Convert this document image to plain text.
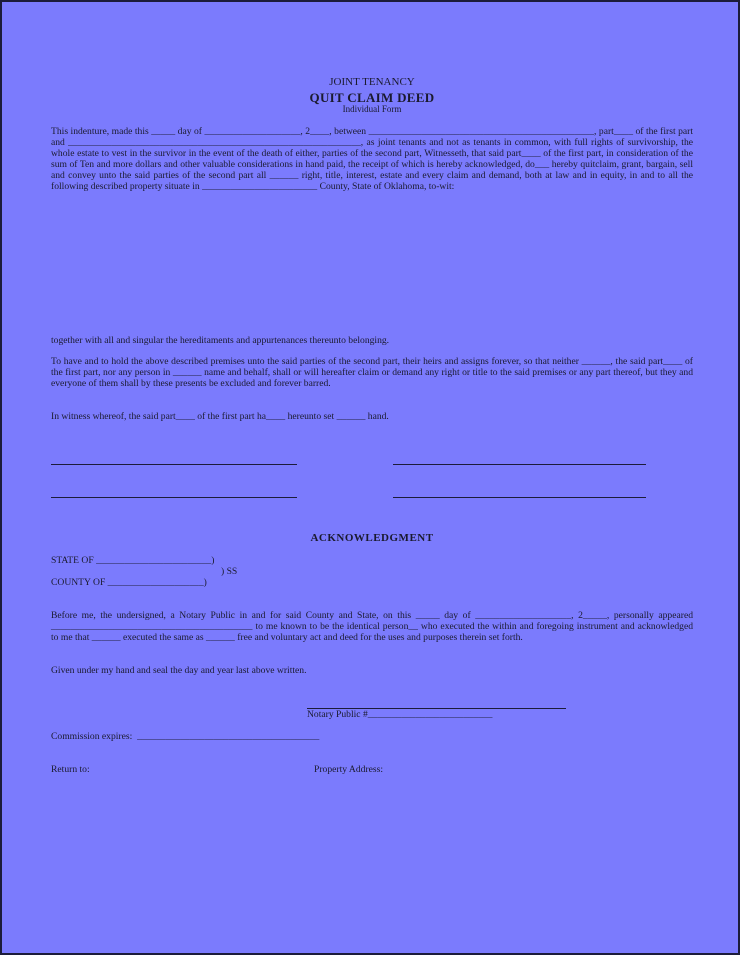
JOINT TENANCY
QUIT CLAIM DEED
Individual Form

This indenture, made this _____ day of ____________________, 2____, between _______________________________________________, part____ of the first part and _____________________________________________________________, as joint tenants and not as tenants in common, with full rights of survivorship, the whole estate to vest in the survivor in the event of the death of either, parties of the second part, Witnesseth, that said part____ of the first part, in consideration of the sum of Ten and more dollars and other valuable considerations in hand paid, the receipt of which is hereby acknowledged, do___ hereby quitclaim, grant, bargain, sell and convey unto the said parties of the second part all ______ right, title, interest, estate and every claim and demand, both at law and in equity, in and to all the following described property situate in ________________________ County, State of Oklahoma, to-wit:

together with all and singular the hereditaments and appurtenances thereunto belonging.

To have and to hold the above described premises unto the said parties of the second part, their heirs and assigns forever, so that neither ______, the said part____ of the first part, nor any person in ______ name and behalf, shall or will hereafter claim or demand any right or title to the said premises or any part thereof, but they and everyone of them shall by these presents be excluded and forever barred.

In witness whereof, the said part____ of the first part ha____ hereunto set ______ hand.

ACKNOWLEDGMENT
STATE OF ________________________)
) SS
COUNTY OF ____________________)

Before me, the undersigned, a Notary Public in and for said County and State, on this _____ day of ____________________, 2_____, personally appeared __________________________________________ to me known to be the identical person__ who executed the within and foregoing instrument and acknowledged to me that ______ executed the same as ______ free and voluntary act and deed for the uses and purposes therein set forth.

Given under my hand and seal the day and year last above written.

Notary Public #__________________________
Commission expires:  ______________________________________
Return to:	Property Address:
